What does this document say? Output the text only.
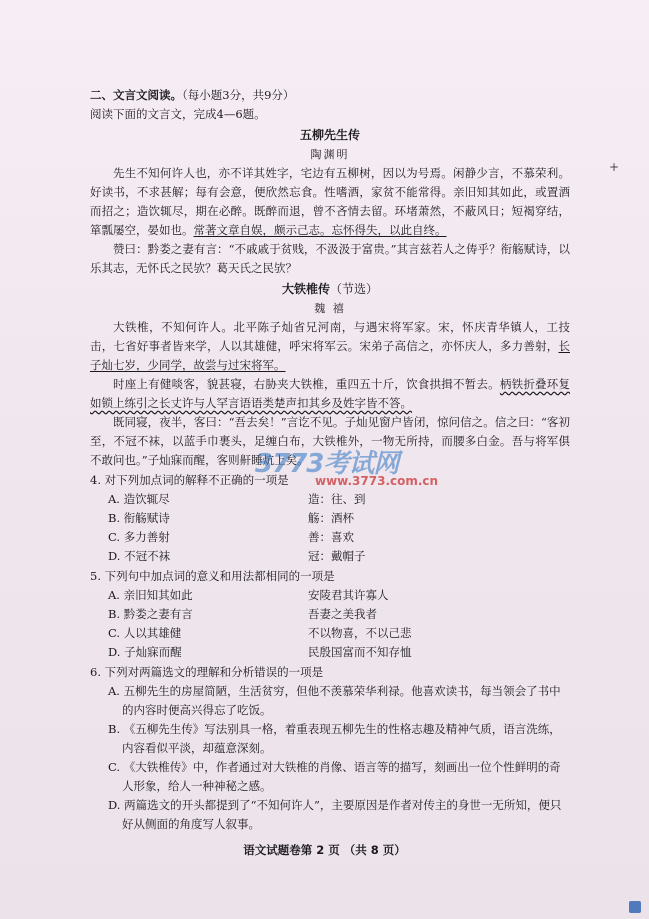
+
二、文言文阅读。（每小题3分，共9分）
阅读下面的文言文，完成4—6题。
五柳先生传
陶渊明
先生不知何许人也，亦不详其姓字，宅边有五柳树，因以为号焉。闲静少言，不慕荣利。好读书，不求甚解；每有会意，便欣然忘食。性嗜酒，家贫不能常得。亲旧知其如此，或置酒而招之；造饮辄尽，期在必醉。既醉而退，曾不吝情去留。环堵萧然，不蔽风日；短褐穿结，箪瓢屡空，晏如也。常著文章自娱，颇示己志。忘怀得失，以此自终。
赞曰：黔娄之妻有言：“不戚戚于贫贱，不汲汲于富贵。”其言兹若人之俦乎？衔觞赋诗，以乐其志，无怀氏之民欤？葛天氏之民欤？
大铁椎传（节选）
魏 禧
大铁椎，不知何许人。北平陈子灿省兄河南，与遇宋将军家。宋，怀庆青华镇人，工技击，七省好事者皆来学，人以其雄健，呼宋将军云。宋弟子高信之，亦怀庆人，多力善射，长子灿七岁，少同学，故尝与过宋将军。
时座上有健啖客，貌甚寝，右胁夹大铁椎，重四五十斤，饮食拱揖不暂去。柄铁折叠环复如锁上练引之长丈许与人罕言语语类楚声扣其乡及姓字皆不答。
既同寝，夜半，客曰：“吾去矣！”言讫不见。子灿见窗户皆闭，惊问信之。信之曰：“客初至，不冠不袜，以蓝手巾裹头，足缠白布，大铁椎外，一物无所持，而腰多白金。吾与将军俱不敢问也。”子灿寐而醒，客则鼾睡炕上矣。
4. 对下列加点词的解释不正确的一项是
A. 造饮辄尽	造：往、到
B. 衔觞赋诗	觞：酒杯
C. 多力善射	善：喜欢
D. 不冠不袜	冠：戴帽子
5. 下列句中加点词的意义和用法都相同的一项是
A. 亲旧知其如此	安陵君其许寡人
B. 黔娄之妻有言	吾妻之美我者
C. 人以其雄健	不以物喜，不以己悲
D. 子灿寐而醒	民殷国富而不知存恤
6. 下列对两篇选文的理解和分析错误的一项是
A. 五柳先生的房屋简陋，生活贫穷，但他不羡慕荣华利禄。他喜欢读书，每当领会了书中的内容时便高兴得忘了吃饭。
B. 《五柳先生传》写法别具一格，着重表现五柳先生的性格志趣及精神气质，语言洗练，内容看似平淡，却蕴意深刻。
C. 《大铁椎传》中，作者通过对大铁椎的肖像、语言等的描写，刻画出一位个性鲜明的奇人形象，给人一种神秘之感。
D. 两篇选文的开头都提到了“不知何许人”，主要原因是作者对传主的身世一无所知，便只好从侧面的角度写人叙事。
3773考试网
www.3773.com.cn
语文试题卷第 2 页 （共 8 页）
